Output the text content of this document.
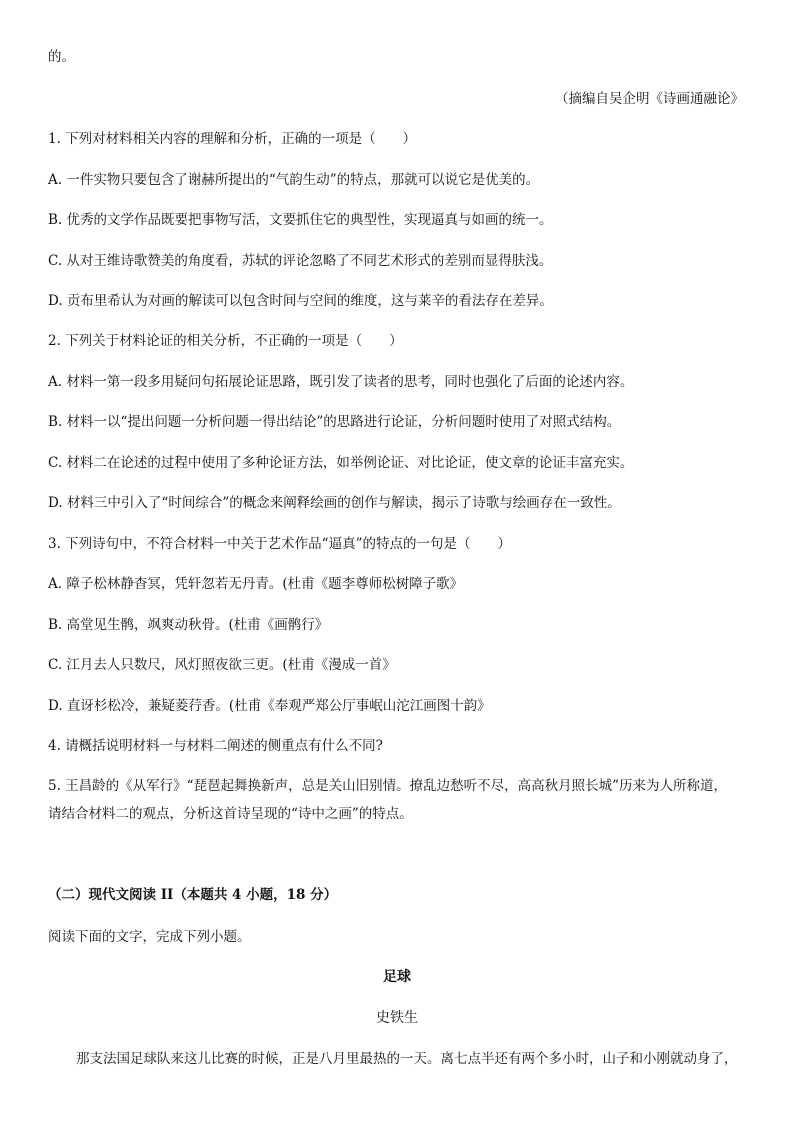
的。
（摘编自吴企明《诗画通融论》
1. 下列对材料相关内容的理解和分析，正确的一项是（　　）
A. 一件实物只要包含了谢赫所提出的“气韵生动”的特点，那就可以说它是优美的。
B. 优秀的文学作品既要把事物写活，文要抓住它的典型性，实现逼真与如画的统一。
C. 从对王维诗歌赞美的角度看，苏轼的评论忽略了不同艺术形式的差别而显得肤浅。
D. 贡布里希认为对画的解读可以包含时间与空间的维度，这与莱辛的看法存在差异。
2. 下列关于材料论证的相关分析，不正确的一项是（　　）
A. 材料一第一段多用疑问句拓展论证思路，既引发了读者的思考，同时也强化了后面的论述内容。
B. 材料一以“提出问题一分析问题一得出结论”的思路进行论证，分析问题时使用了对照式结构。
C. 材料二在论述的过程中使用了多种论证方法，如举例论证、对比论证，使文章的论证丰富充实。
D. 材料三中引入了“时间综合”的概念来阐释绘画的创作与解读，揭示了诗歌与绘画存在一致性。
3. 下列诗句中，不符合材料一中关于艺术作品“逼真”的特点的一句是（　　）
A. 障子松林静杳冥，凭轩忽若无丹青。(杜甫《题李尊师松树障子歌》
B. 高堂见生鹘，飒爽动秋骨。(杜甫《画鹘行》
C. 江月去人只数尺，风灯照夜欲三更。(杜甫《漫成一首》
D. 直讶杉松冷，兼疑菱荇香。(杜甫《奉观严郑公厅事岷山沱江画图十韵》
4. 请概括说明材料一与材料二阐述的侧重点有什么不同?
5. 王昌龄的《从军行》“琵琶起舞换新声，总是关山旧别情。撩乱边愁听不尽，高高秋月照长城”历来为人所称道，
请结合材料二的观点，分析这首诗呈现的“诗中之画”的特点。
（二）现代文阅读 II（本题共 4 小题，18 分）
阅读下面的文字，完成下列小题。
足球
史铁生
那支法国足球队来这儿比赛的时候，正是八月里最热的一天。离七点半还有两个多小时，山子和小刚就动身了，
